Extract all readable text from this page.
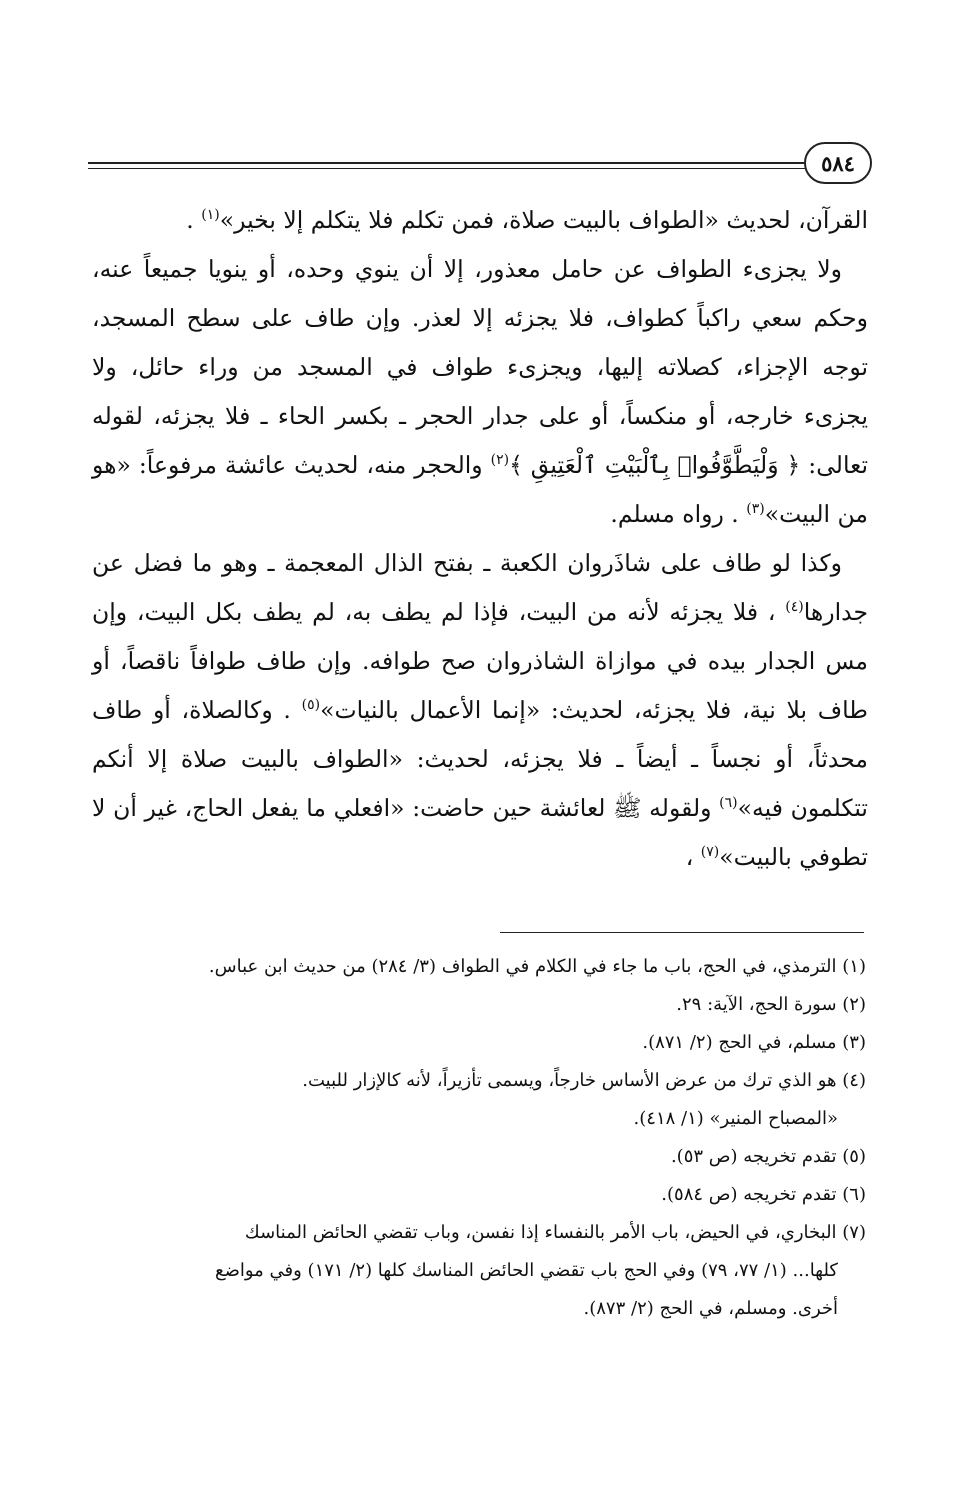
٥٨٤

القرآن، لحديث «الطواف بالبيت صلاة، فمن تكلم فلا يتكلم إلا بخير»$^{(١)}$ .

ولا يجزىء الطواف عن حامل معذور، إلا أن ينوي وحده، أو ينويا جميعاً عنه، وحكم سعي راكباً كطواف، فلا يجزئه إلا لعذر. وإن طاف على سطح المسجد، توجه الإجزاء، كصلاته إليها، ويجزىء طواف في المسجد من وراء حائل، ولا يجزىء خارجه، أو منكساً، أو على جدار الحجر ـ بكسر الحاء ـ فلا يجزئه، لقوله تعالى: ﴿ وَلْيَطَّوَّفُوا۟ بِٱلْبَيْتِ ٱلْعَتِيقِ ﴾$^{(٢)}$ والحجر منه، لحديث عائشة مرفوعاً: «هو من البيت»$^{(٣)}$ . رواه مسلم.

وكذا لو طاف على شاذَروان الكعبة ـ بفتح الذال المعجمة ـ وهو ما فضل عن جدارها$^{(٤)}$ ، فلا يجزئه لأنه من البيت، فإذا لم يطف به، لم يطف بكل البيت، وإن مس الجدار بيده في موازاة الشاذروان صح طوافه. وإن طاف طوافاً ناقصاً، أو طاف بلا نية، فلا يجزئه، لحديث: «إنما الأعمال بالنيات»$^{(٥)}$ . وكالصلاة، أو طاف محدثاً، أو نجساً ـ أيضاً ـ فلا يجزئه، لحديث: «الطواف بالبيت صلاة إلا أنكم تتكلمون فيه»$^{(٦)}$ ولقوله ﷺ لعائشة حين حاضت: «افعلي ما يفعل الحاج، غير أن لا تطوفي بالبيت»$^{(٧)}$ ،

(١) الترمذي، في الحج، باب ما جاء في الكلام في الطواف (٣/ ٢٨٤) من حديث ابن عباس.

(٢) سورة الحج، الآية: ٢٩.

(٣) مسلم، في الحج (٢/ ٨٧١).

(٤) هو الذي ترك من عرض الأساس خارجاً، ويسمى تأزيراً، لأنه كالإزار للبيت.

«المصباح المنير» (١/ ٤١٨).

(٥) تقدم تخريجه (ص ٥٣).

(٦) تقدم تخريجه (ص ٥٨٤).

(٧) البخاري، في الحيض، باب الأمر بالنفساء إذا نفسن، وباب تقضي الحائض المناسك

كلها... (١/ ٧٧، ٧٩) وفي الحج باب تقضي الحائض المناسك كلها (٢/ ١٧١) وفي مواضع

أخرى. ومسلم، في الحج (٢/ ٨٧٣).
